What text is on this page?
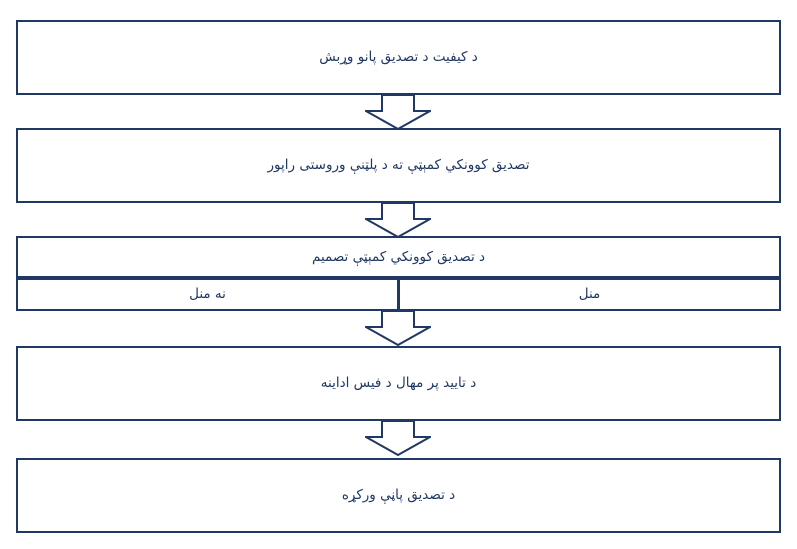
د کیفیت د تصدیق پانو وړبش
تصدیق کوونکي کمېټې ته د پلټنې وروستی راپور
د تصدیق کوونکي کمېټې تصمیم
نه منل	منل
د تاييد پر مهال د فيس اداينه
د تصدیق پاڼې ورکړه
